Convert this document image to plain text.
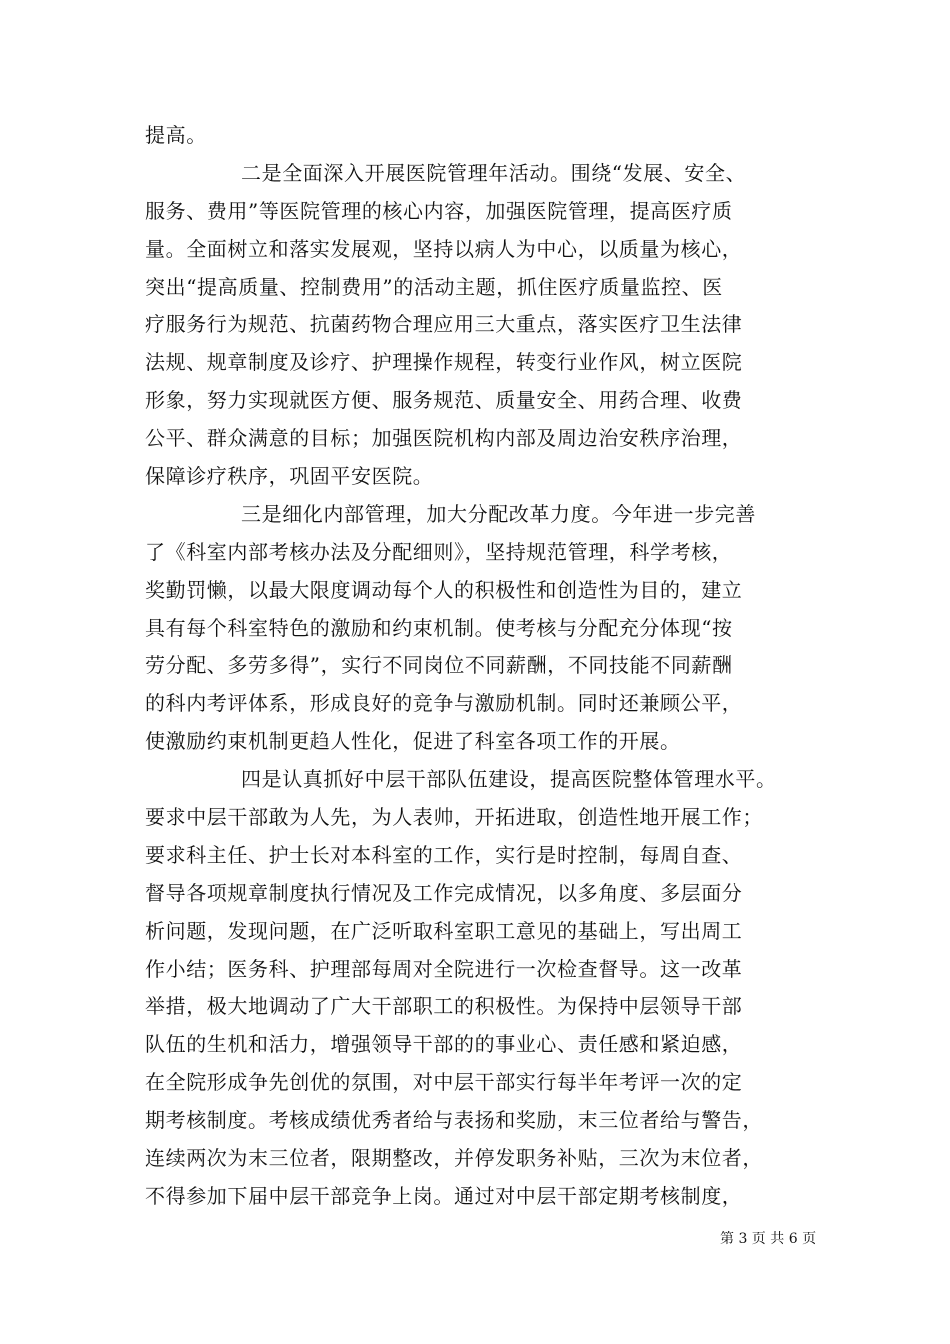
提高。
二是全面深入开展医院管理年活动。围绕“发展、安全、
服务、费用”等医院管理的核心内容，加强医院管理，提高医疗质
量。全面树立和落实发展观，坚持以病人为中心，以质量为核心，
突出“提高质量、控制费用”的活动主题，抓住医疗质量监控、医
疗服务行为规范、抗菌药物合理应用三大重点，落实医疗卫生法律
法规、规章制度及诊疗、护理操作规程，转变行业作风，树立医院
形象，努力实现就医方便、服务规范、质量安全、用药合理、收费
公平、群众满意的目标；加强医院机构内部及周边治安秩序治理，
保障诊疗秩序，巩固平安医院。
三是细化内部管理，加大分配改革力度。今年进一步完善
了《科室内部考核办法及分配细则》，坚持规范管理，科学考核，
奖勤罚懒，以最大限度调动每个人的积极性和创造性为目的，建立
具有每个科室特色的激励和约束机制。使考核与分配充分体现“按
劳分配、多劳多得”，实行不同岗位不同薪酬，不同技能不同薪酬
的科内考评体系，形成良好的竞争与激励机制。同时还兼顾公平，
使激励约束机制更趋人性化，促进了科室各项工作的开展。
四是认真抓好中层干部队伍建设，提高医院整体管理水平。
要求中层干部敢为人先，为人表帅，开拓进取，创造性地开展工作；
要求科主任、护士长对本科室的工作，实行是时控制，每周自查、
督导各项规章制度执行情况及工作完成情况，以多角度、多层面分
析问题，发现问题，在广泛听取科室职工意见的基础上，写出周工
作小结；医务科、护理部每周对全院进行一次检查督导。这一改革
举措，极大地调动了广大干部职工的积极性。为保持中层领导干部
队伍的生机和活力，增强领导干部的的事业心、责任感和紧迫感，
在全院形成争先创优的氛围，对中层干部实行每半年考评一次的定
期考核制度。考核成绩优秀者给与表扬和奖励，末三位者给与警告，
连续两次为末三位者，限期整改，并停发职务补贴，三次为末位者，
不得参加下届中层干部竞争上岗。通过对中层干部定期考核制度，
第 3 页 共 6 页
